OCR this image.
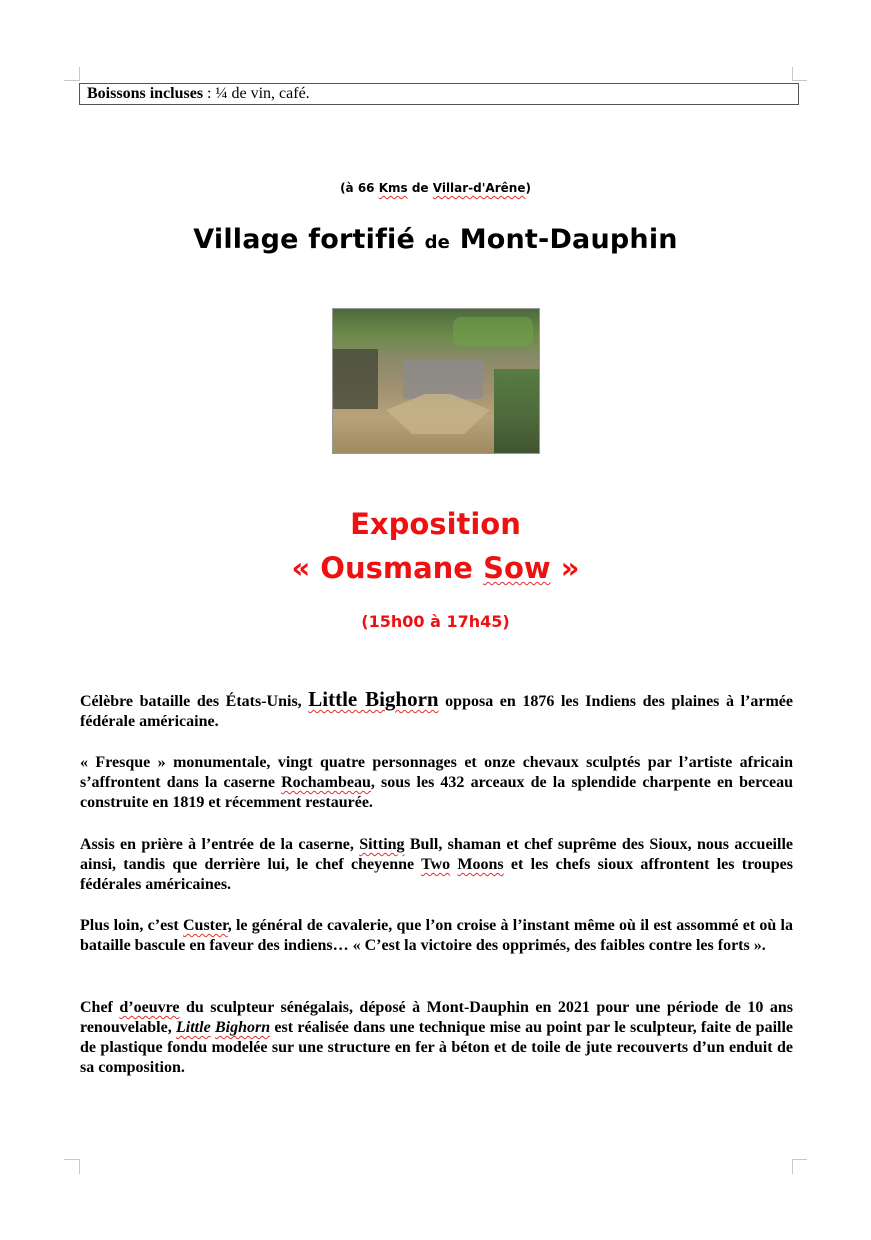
Boissons incluses : ¼ de vin, café.
(à 66 Kms de Villar-d'Arêne)
Village fortifié de Mont-Dauphin
Exposition
« Ousmane Sow »
(15h00 à 17h45)
Célèbre bataille des États-Unis, Little Bighorn opposa en 1876 les Indiens des plaines à l’armée fédérale américaine.
« Fresque » monumentale, vingt quatre personnages et onze chevaux sculptés par l’artiste africain s’affrontent dans la caserne Rochambeau, sous les 432 arceaux de la splendide charpente en berceau construite en 1819 et récemment restaurée.
Assis en prière à l’entrée de la caserne, Sitting Bull, shaman et chef suprême des Sioux, nous accueille ainsi, tandis que derrière lui, le chef cheyenne Two Moons et les chefs sioux affrontent les troupes fédérales américaines.
Plus loin, c’est Custer, le général de cavalerie, que l’on croise à l’instant même où il est assommé et où la bataille bascule en faveur des indiens… « C’est la victoire des opprimés, des faibles contre les forts ».
Chef d’oeuvre du sculpteur sénégalais, déposé à Mont-Dauphin en 2021 pour une période de 10 ans renouvelable, Little Bighorn est réalisée dans une technique mise au point par le sculpteur, faite de paille de plastique fondu modelée sur une structure en fer à béton et de toile de jute recouverts d’un enduit de sa composition.
